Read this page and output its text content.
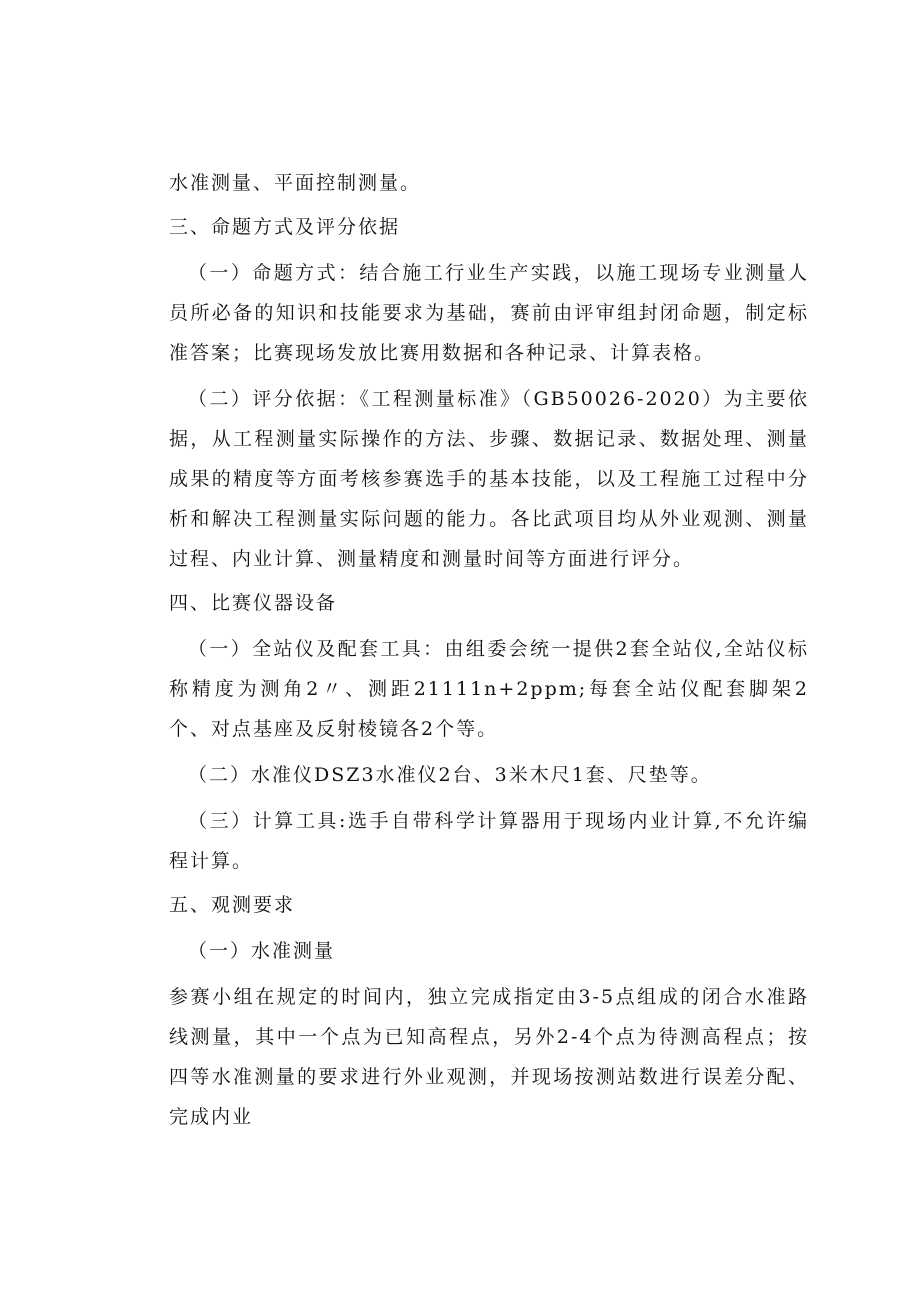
水准测量、平面控制测量。

三、命题方式及评分依据

（一）命题方式：结合施工行业生产实践，以施工现场专业测量人员所必备的知识和技能要求为基础，赛前由评审组封闭命题，制定标准答案；比赛现场发放比赛用数据和各种记录、计算表格。

（二）评分依据：《工程测量标准》（GB50026-2020）为主要依据，从工程测量实际操作的方法、步骤、数据记录、数据处理、测量成果的精度等方面考核参赛选手的基本技能，以及工程施工过程中分析和解决工程测量实际问题的能力。各比武项目均从外业观测、测量过程、内业计算、测量精度和测量时间等方面进行评分。

四、比赛仪器设备

（一）全站仪及配套工具：由组委会统一提供2套全站仪,全站仪标称精度为测角2〃、测距21111n+2ppm;每套全站仪配套脚架2个、对点基座及反射棱镜各2个等。

（二）水准仪DSZ3水准仪2台、3米木尺1套、尺垫等。

（三）计算工具:选手自带科学计算器用于现场内业计算,不允许编程计算。

五、观测要求

（一）水准测量

参赛小组在规定的时间内，独立完成指定由3-5点组成的闭合水准路线测量，其中一个点为已知高程点，另外2-4个点为待测高程点；按四等水准测量的要求进行外业观测，并现场按测站数进行误差分配、完成内业
